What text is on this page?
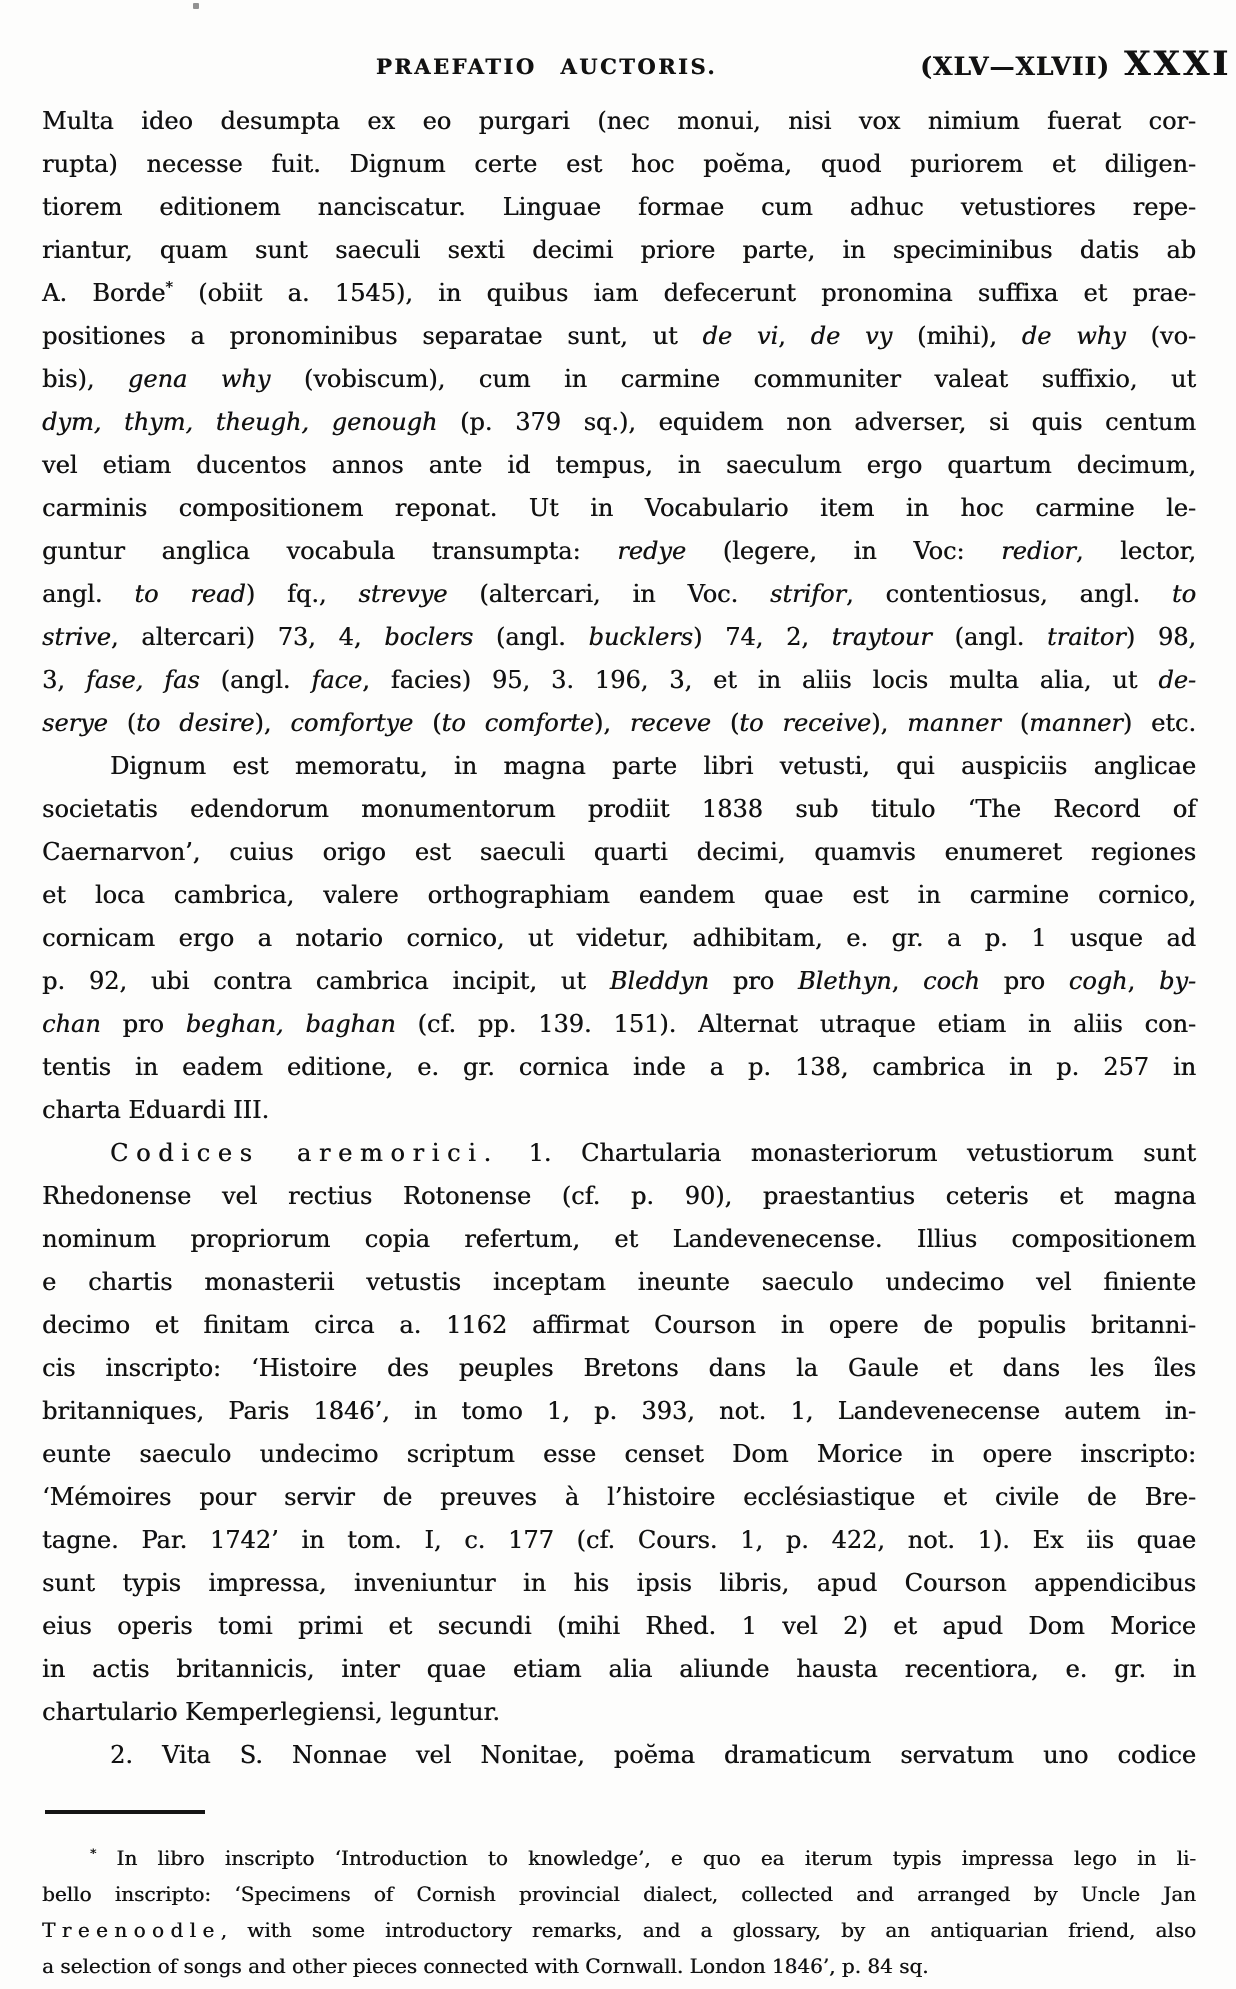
PRAEFATIO AUCTORIS.	(XLV—XLVII) XXXI
Multa ideo desumpta ex eo purgari (nec monui, nisi vox nimium fuerat cor-
rupta) necesse fuit. Dignum certe est hoc poĕma, quod puriorem et diligen-
tiorem editionem nanciscatur. Linguae formae cum adhuc vetustiores repe-
riantur, quam sunt saeculi sexti decimi priore parte, in speciminibus datis ab
A. Borde* (obiit a. 1545), in quibus iam defecerunt pronomina suffixa et prae-
positiones a pronominibus separatae sunt, ut de vi, de vy (mihi), de why (vo-
bis), gena why (vobiscum), cum in carmine communiter valeat suffixio, ut
dym, thym, theugh, genough (p. 379 sq.), equidem non adverser, si quis centum
vel etiam ducentos annos ante id tempus, in saeculum ergo quartum decimum,
carminis compositionem reponat. Ut in Vocabulario item in hoc carmine le-
guntur anglica vocabula transumpta: redye (legere, in Voc: redior, lector,
angl. to read) fq., strevye (altercari, in Voc. strifor, contentiosus, angl. to
strive, altercari) 73, 4, boclers (angl. bucklers) 74, 2, traytour (angl. traitor) 98,
3, fase, fas (angl. face, facies) 95, 3. 196, 3, et in aliis locis multa alia, ut de-
serye (to desire), comfortye (to comforte), receve (to receive), manner (manner) etc.
Dignum est memoratu, in magna parte libri vetusti, qui auspiciis anglicae
societatis edendorum monumentorum prodiit 1838 sub titulo ‘The Record of
Caernarvon’, cuius origo est saeculi quarti decimi, quamvis enumeret regiones
et loca cambrica, valere orthographiam eandem quae est in carmine cornico,
cornicam ergo a notario cornico, ut videtur, adhibitam, e. gr. a p. 1 usque ad
p. 92, ubi contra cambrica incipit, ut Bleddyn pro Blethyn, coch pro cogh, by-
chan pro beghan, baghan (cf. pp. 139. 151). Alternat utraque etiam in aliis con-
tentis in eadem editione, e. gr. cornica inde a p. 138, cambrica in p. 257 in
charta Eduardi III.
Codices aremorici. 1. Chartularia monasteriorum vetustiorum sunt
Rhedonense vel rectius Rotonense (cf. p. 90), praestantius ceteris et magna
nominum propriorum copia refertum, et Landevenecense. Illius compositionem
e chartis monasterii vetustis inceptam ineunte saeculo undecimo vel finiente
decimo et finitam circa a. 1162 affirmat Courson in opere de populis britanni-
cis inscripto: ‘Histoire des peuples Bretons dans la Gaule et dans les îles
britanniques, Paris 1846’, in tomo 1, p. 393, not. 1, Landevenecense autem in-
eunte saeculo undecimo scriptum esse censet Dom Morice in opere inscripto:
‘Mémoires pour servir de preuves à l’histoire ecclésiastique et civile de Bre-
tagne. Par. 1742’ in tom. I, c. 177 (cf. Cours. 1, p. 422, not. 1). Ex iis quae
sunt typis impressa, inveniuntur in his ipsis libris, apud Courson appendicibus
eius operis tomi primi et secundi (mihi Rhed. 1 vel 2) et apud Dom Morice
in actis britannicis, inter quae etiam alia aliunde hausta recentiora, e. gr. in
chartulario Kemperlegiensi, leguntur.
2. Vita S. Nonnae vel Nonitae, poĕma dramaticum servatum uno codice
* In libro inscripto ‘Introduction to knowledge’, e quo ea iterum typis impressa lego in li-
bello inscripto: ‘Specimens of Cornish provincial dialect, collected and arranged by Uncle Jan
Treenoodle, with some introductory remarks, and a glossary, by an antiquarian friend, also
a selection of songs and other pieces connected with Cornwall. London 1846’, p. 84 sq.
